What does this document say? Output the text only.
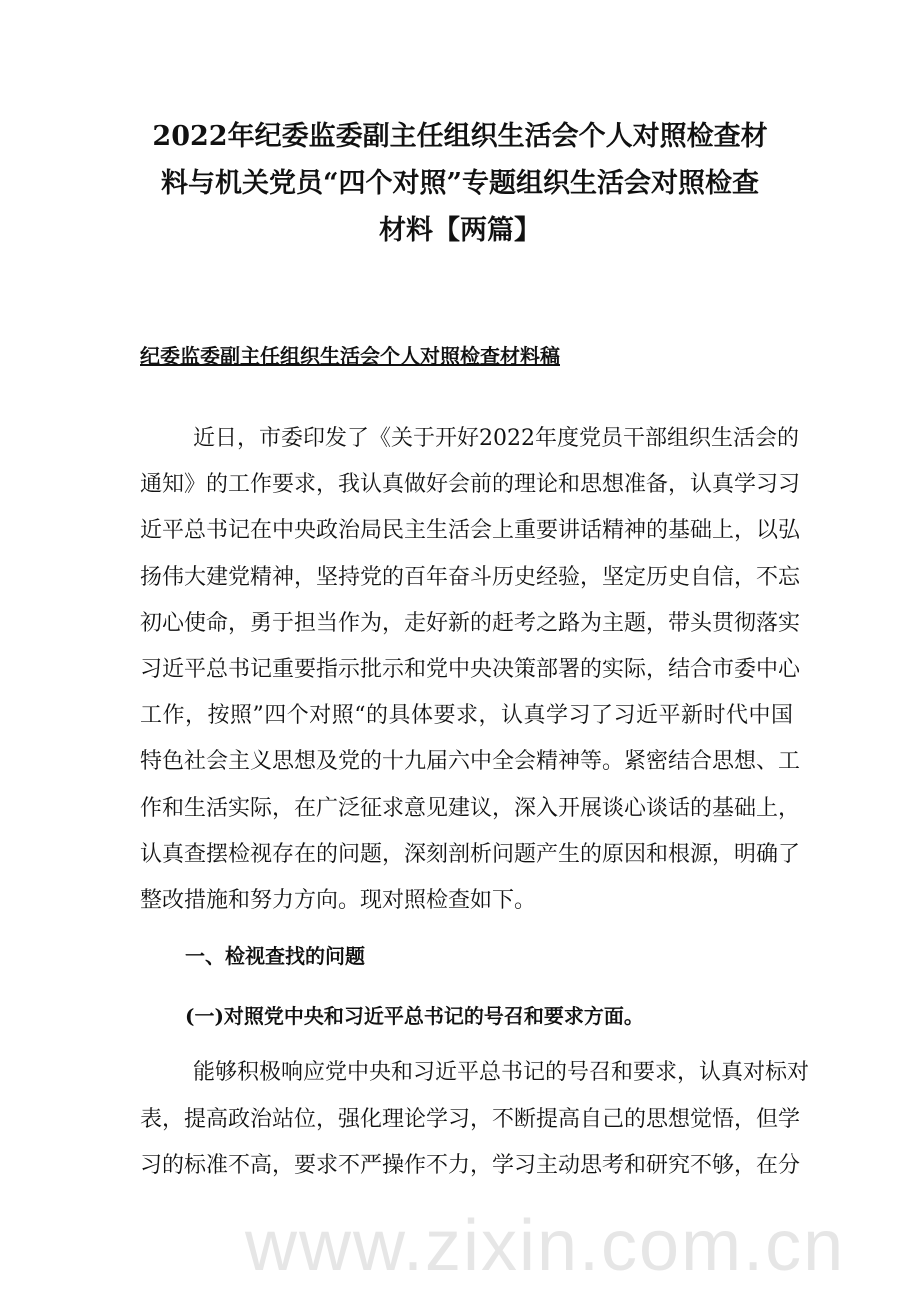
www.zixin.com.cn
2022年纪委监委副主任组织生活会个人对照检查材
料与机关党员“四个对照”专题组织生活会对照检查
材料【两篇】
纪委监委副主任组织生活会个人对照检查材料稿
近日，市委印发了《关于开好2022年度党员干部组织生活会的
通知》的工作要求，我认真做好会前的理论和思想准备，认真学习习
近平总书记在中央政治局民主生活会上重要讲话精神的基础上，以弘
扬伟大建党精神，坚持党的百年奋斗历史经验，坚定历史自信，不忘
初心使命，勇于担当作为，走好新的赶考之路为主题，带头贯彻落实
习近平总书记重要指示批示和党中央决策部署的实际，结合市委中心
工作，按照”四个对照“的具体要求，认真学习了习近平新时代中国
特色社会主义思想及党的十九届六中全会精神等。紧密结合思想、工
作和生活实际，在广泛征求意见建议，深入开展谈心谈话的基础上，
认真查摆检视存在的问题，深刻剖析问题产生的原因和根源，明确了
整改措施和努力方向。现对照检查如下。
一、检视查找的问题
(一)对照党中央和习近平总书记的号召和要求方面。
能够积极响应党中央和习近平总书记的号召和要求，认真对标对
表，提高政治站位，强化理论学习，不断提高自己的思想觉悟，但学
习的标准不高，要求不严操作不力，学习主动思考和研究不够，在分
